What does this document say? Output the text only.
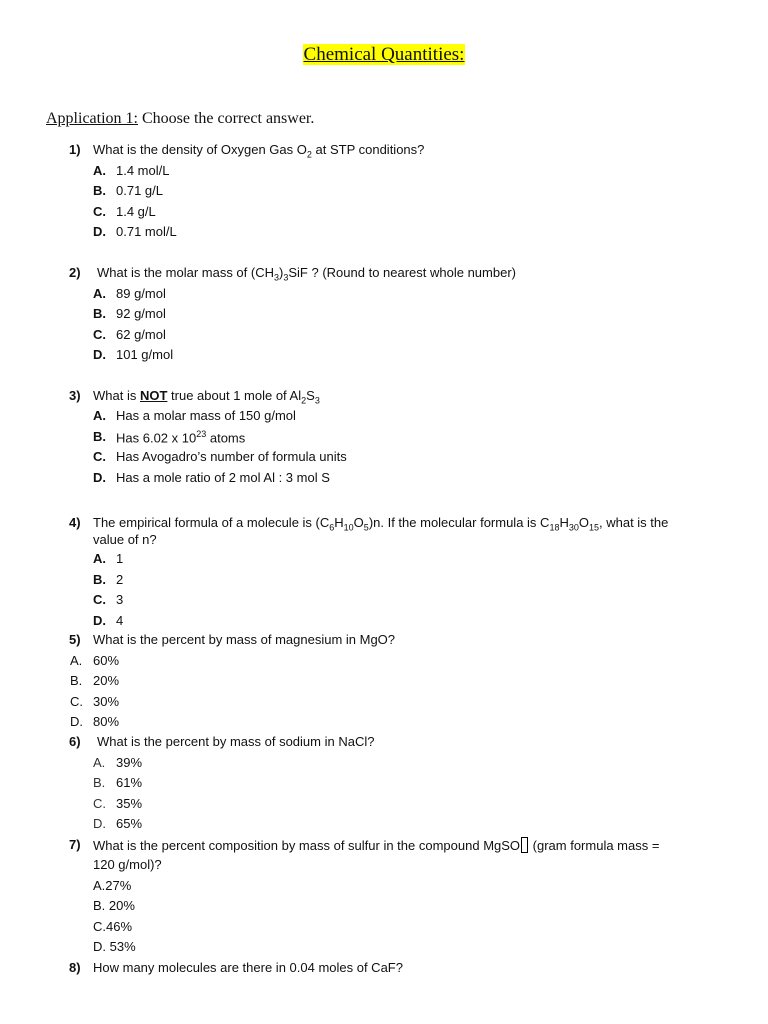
Chemical Quantities:
Application 1: Choose the correct answer.
1) What is the density of Oxygen Gas $O_2$ at STP conditions?
A. 1.4 mol/L
B. 0.71 g/L
C. 1.4 g/L
D. 0.71 mol/L
2) What is the molar mass of $(CH_3)_3SiF$ ? (Round to nearest whole number)
A. 89 g/mol
B. 92 g/mol
C. 62 g/mol
D. 101 g/mol
3) What is NOT true about 1 mole of $Al_2S_3$
A. Has a molar mass of 150 g/mol
B. Has 6.02 x $10^{23}$ atoms
C. Has Avogadro’s number of formula units
D. Has a mole ratio of 2 mol Al : 3 mol S
4) The empirical formula of a molecule is $(C_6H_{10}O_5)n$. If the molecular formula is $C_{18}H_{30}O_{15}$, what is the
value of n?
A. 1
B. 2
C. 3
D. 4
5) What is the percent by mass of magnesium in MgO?
A. 60%
B. 20%
C. 30%
D. 80%
6) What is the percent by mass of sodium in NaCl?
A. 39%
B. 61%
C. 35%
D. 65%
7) What is the percent composition by mass of sulfur in the compound MgSO (gram formula mass =
120 g/mol)?
A.27%
B. 20%
C.46%
D. 53%
8) How many molecules are there in 0.04 moles of CaF?
